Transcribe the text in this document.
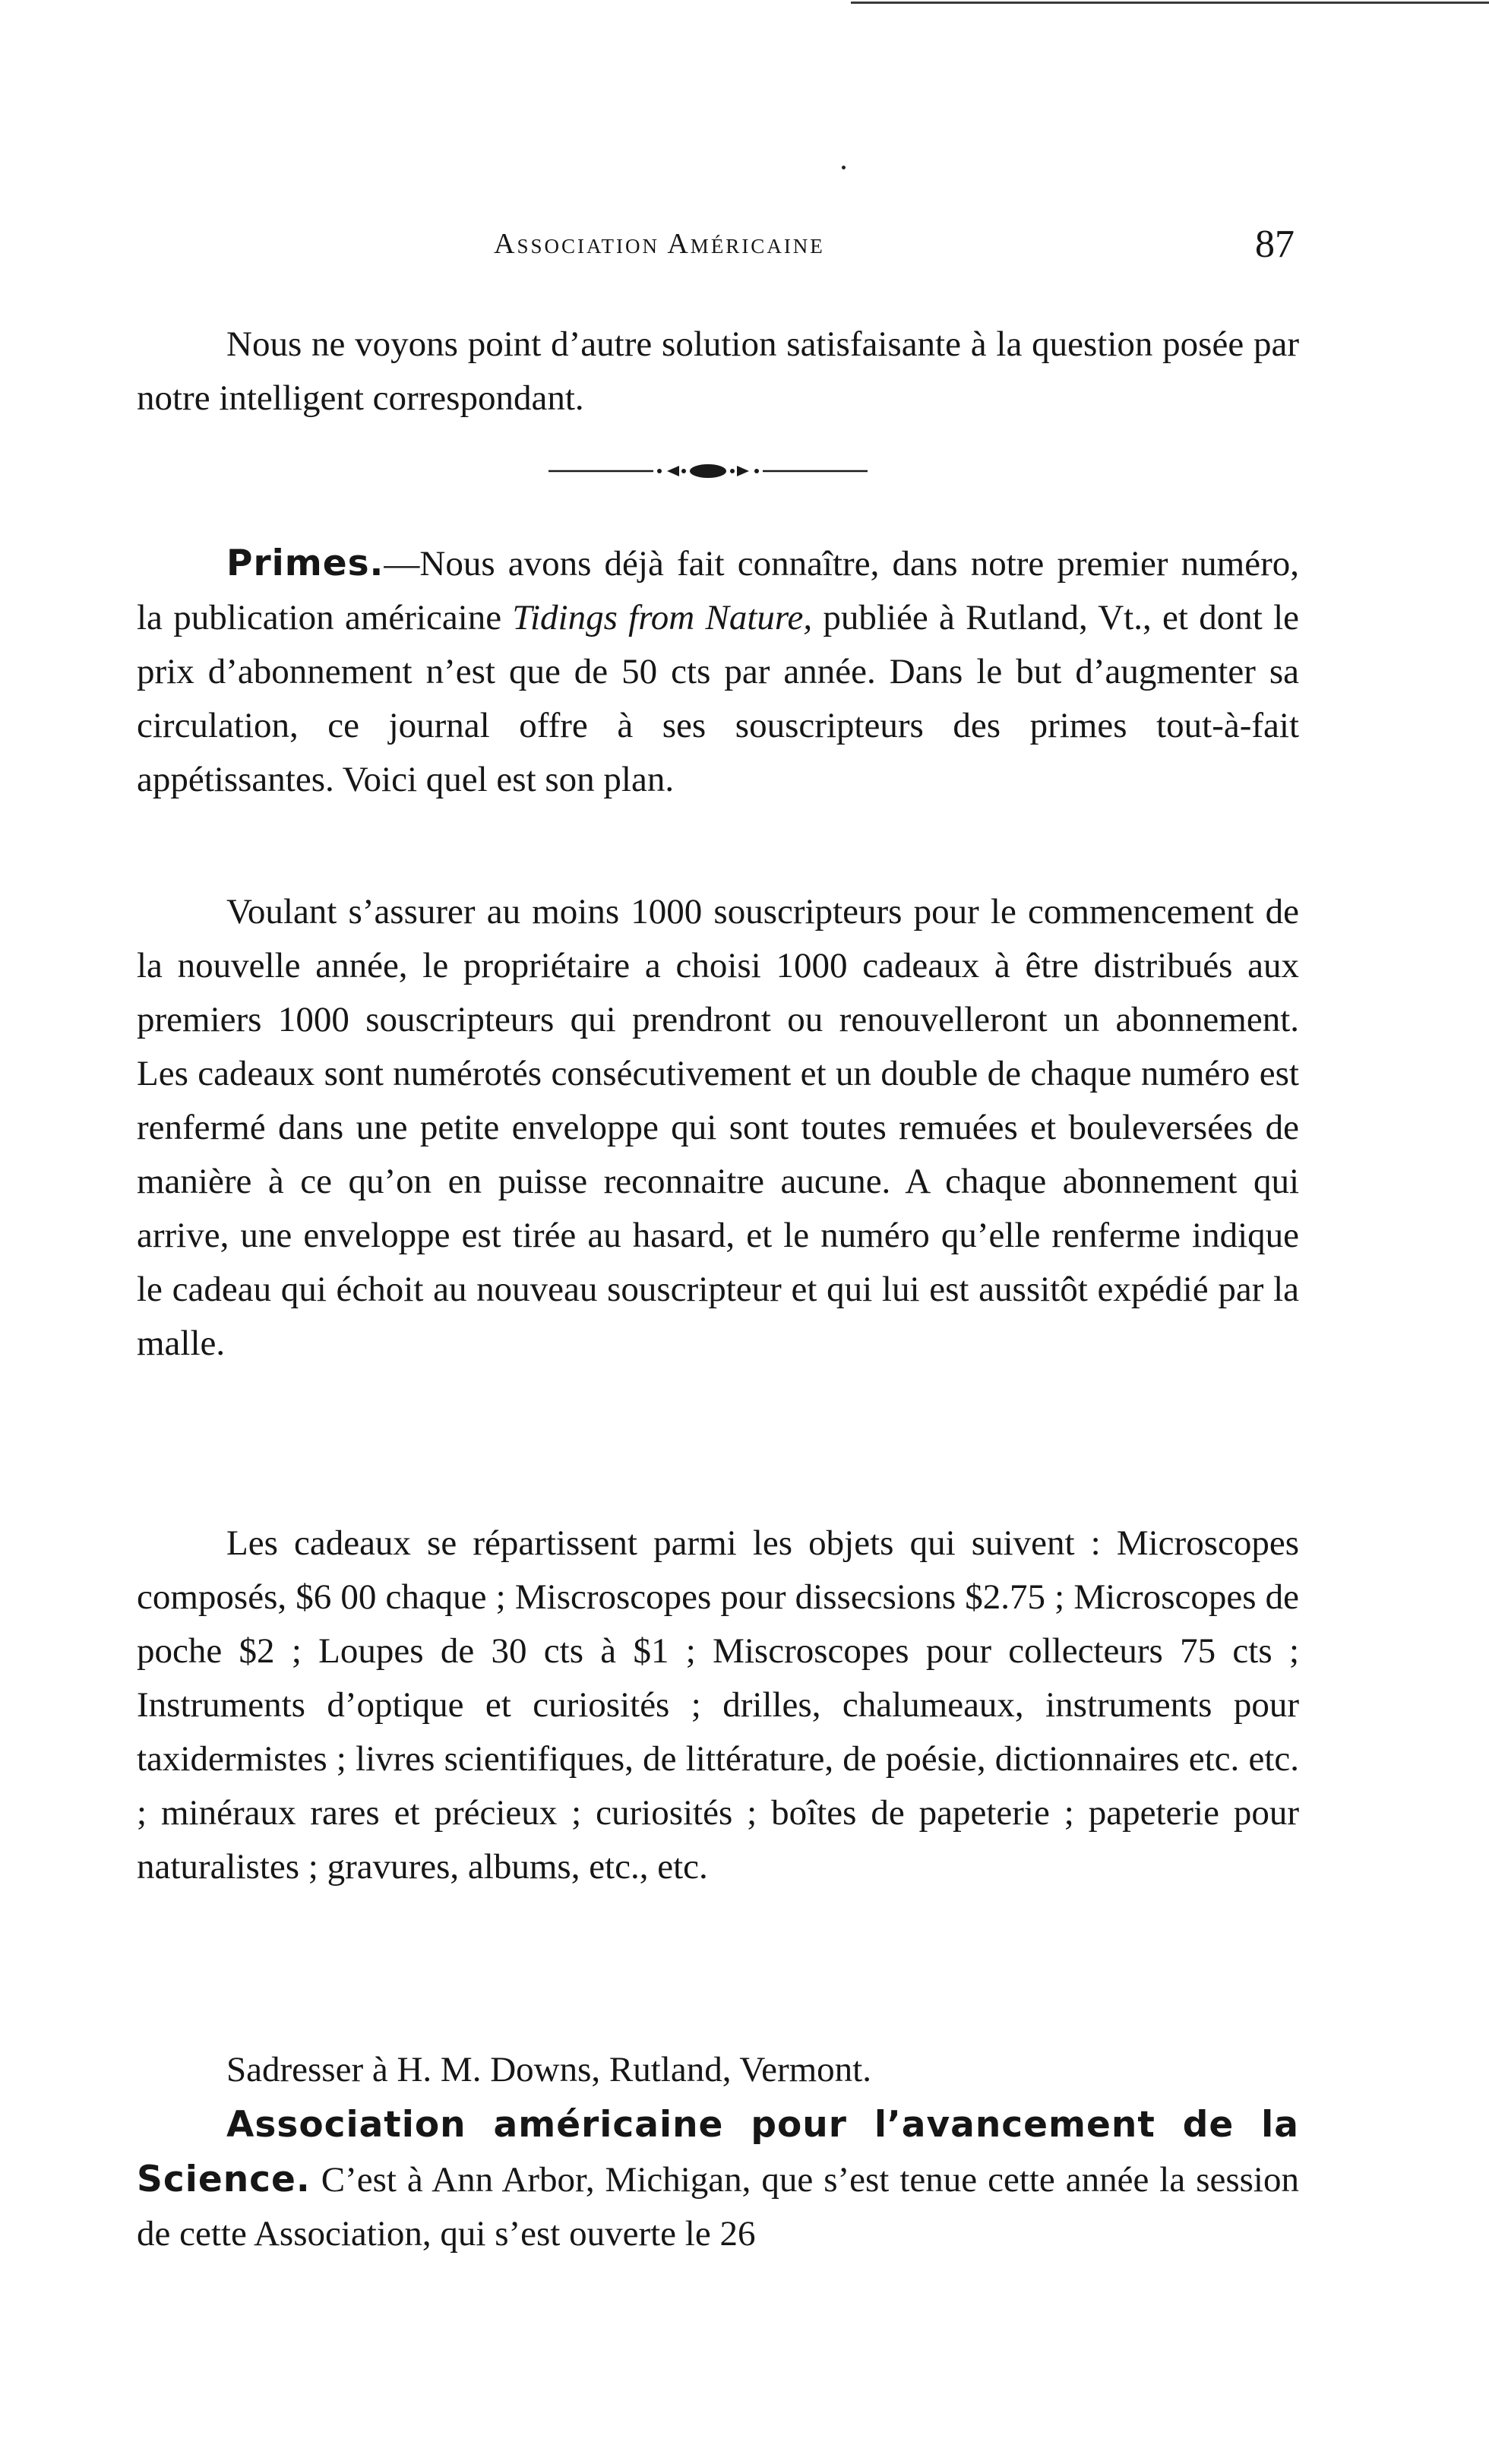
Association Américaine	87

Nous ne voyons point d’autre solution satisfaisante à la question posée par notre intelligent correspondant.

Primes.—Nous avons déjà fait connaître, dans notre premier numéro, la publication américaine Tidings from Nature, publiée à Rutland, Vt., et dont le prix d’abonnement n’est que de 50 cts par année. Dans le but d’augmenter sa circulation, ce journal offre à ses souscripteurs des primes tout-à-fait appétissantes. Voici quel est son plan.

Voulant s’assurer au moins 1000 souscripteurs pour le commencement de la nouvelle année, le propriétaire a choisi 1000 cadeaux à être distribués aux premiers 1000 souscripteurs qui prendront ou renouvelleront un abonnement. Les cadeaux sont numérotés consécutivement et un double de chaque numéro est renfermé dans une petite enveloppe qui sont toutes remuées et bouleversées de manière à ce qu’on en puisse reconnaitre aucune. A chaque abonnement qui arrive, une enveloppe est tirée au hasard, et le numéro qu’elle renferme indique le cadeau qui échoit au nouveau souscripteur et qui lui est aussitôt expédié par la malle.

Les cadeaux se répartissent parmi les objets qui suivent : Microscopes composés, $6 00 chaque ; Miscroscopes pour dissecsions $2.75 ; Microscopes de poche $2 ; Loupes de 30 cts à $1 ; Miscroscopes pour collecteurs 75 cts ; Instruments d’optique et curiosités ; drilles, chalumeaux, instruments pour taxidermistes ; livres scientifiques, de littérature, de poésie, dictionnaires etc. etc. ; minéraux rares et précieux ; curiosités ; boîtes de papeterie ; papeterie pour naturalistes ; gravures, albums, etc., etc.

Sadresser à H. M. Downs, Rutland, Vermont.

Association américaine pour l’avancement de la Science. C’est à Ann Arbor, Michigan, que s’est tenue cette année la session de cette Association, qui s’est ouverte le 26
